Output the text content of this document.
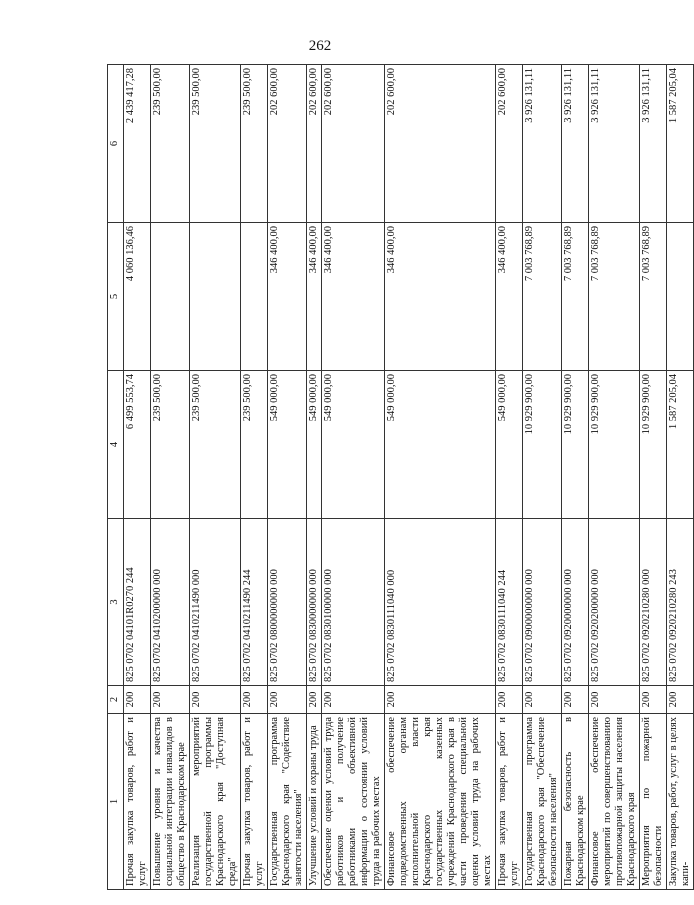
262
1	2	3	4	5	6
Прочая закупка товаров, работ и услуг	200	825 0702 04101R0270 244	6 499 553,74	4 060 136,46	2 439 417,28
Повышение уровня и качества социальной интеграции инвалидов в общество в Краснодарском крае	200	825 0702 0410200000 000	239 500,00		239 500,00
Реализация мероприятий государственной программы Краснодарского края "Доступная среда"	200	825 0702 0410211490 000	239 500,00		239 500,00
Прочая закупка товаров, работ и услуг	200	825 0702 0410211490 244	239 500,00		239 500,00
Государственная программа Краснодарского края "Содействие занятости населения"	200	825 0702 0800000000 000	549 000,00	346 400,00	202 600,00
Улучшение условий и охраны труда	200	825 0702 0830000000 000	549 000,00	346 400,00	202 600,00
Обеспечение оценки условий труда работников и получение работниками объективной информации о состоянии условий труда на рабочих местах	200	825 0702 0830100000 000	549 000,00	346 400,00	202 600,00
Финансовое обеспечение подведомственных органам исполнительной власти Краснодарского края государственных казенных учреждений Краснодарского края в части проведения специальной оценки условий труда на рабочих местах	200	825 0702 0830111040 000	549 000,00	346 400,00	202 600,00
Прочая закупка товаров, работ и услуг	200	825 0702 0830111040 244	549 000,00	346 400,00	202 600,00
Государственная программа Краснодарского края "Обеспечение безопасности населения"	200	825 0702 0900000000 000	10 929 900,00	7 003 768,89	3 926 131,11
Пожарная безопасность в Краснодарском крае	200	825 0702 0920000000 000	10 929 900,00	7 003 768,89	3 926 131,11
Финансовое обеспечение мероприятий по совершенствованию противопожарной защиты населения Краснодарского края	200	825 0702 0920200000 000	10 929 900,00	7 003 768,89	3 926 131,11
Мероприятия по пожарной безопасности	200	825 0702 0920210280 000	10 929 900,00	7 003 768,89	3 926 131,11
Закупка товаров, работ, услуг в целях капи-	200	825 0702 0920210280 243	1 587 205,04		1 587 205,04
